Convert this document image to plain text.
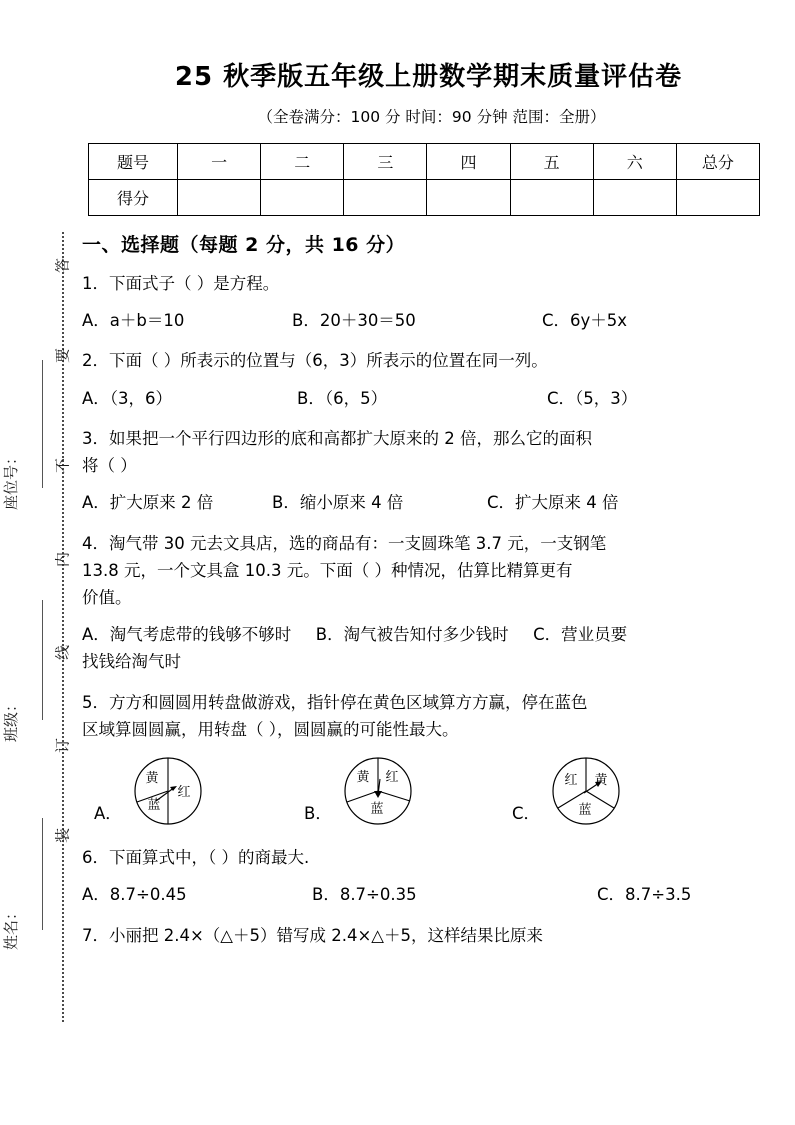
答
要
不
内
线
订
装
座位号：
班级：
姓名：
25 秋季版五年级上册数学期末质量评估卷
（全卷满分：100 分 时间：90 分钟 范围：全册）
题号	一	二	三	四	五	六	总分
得分							
一、选择题（每题 2 分，共 16 分）
1．下面式子（ ）是方程。
A．a＋b＝10	B．20＋30＝50	C．6y＋5x
2．下面（ ）所表示的位置与（6，3）所表示的位置在同一列。
A．（3，6）	B．（6，5）	C．（5，3）
3．如果把一个平行四边形的底和高都扩大原来的 2 倍，那么它的面积
将（ ）
A．扩大原来 2 倍	B．缩小原来 4 倍	C．扩大原来 4 倍
4．淘气带 30 元去文具店，选的商品有：一支圆珠笔 3.7 元，一支钢笔
13.8 元，一个文具盒 10.3 元。下面（ ）种情况，估算比精算更有
价值。
A．淘气考虑带的钱够不够时 B．淘气被告知付多少钱时 C．营业员要
找钱给淘气时
5．方方和圆圆用转盘做游戏，指针停在黄色区域算方方赢，停在蓝色
区域算圆圆赢，用转盘（ ），圆圆赢的可能性最大。
A．
黄
蓝
红
B．
黄 红
蓝	C．
红 黄
蓝
6．下面算式中，（ ）的商最大.
A．8.7÷0.45	B．8.7÷0.35	C．8.7÷3.5
7．小丽把 2.4×（△＋5）错写成 2.4×△＋5，这样结果比原来
